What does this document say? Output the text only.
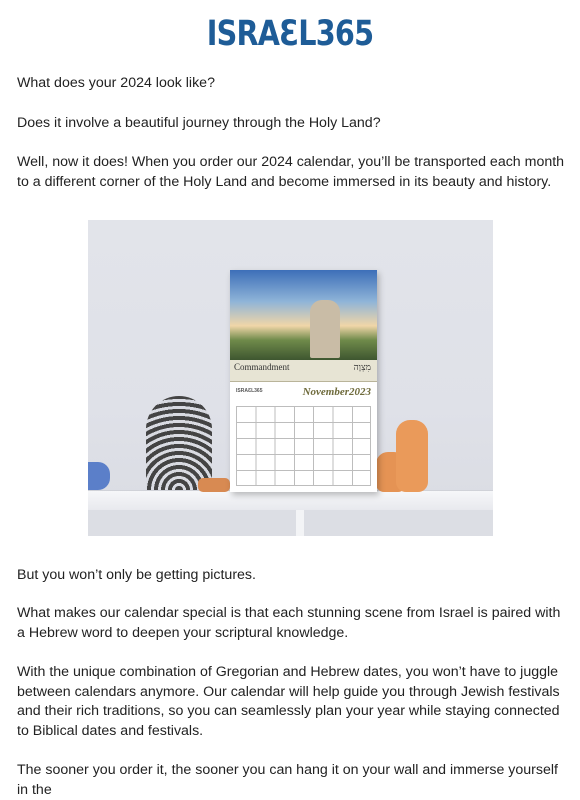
ISRAƐL365
What does your 2024 look like?
Does it involve a beautiful journey through the Holy Land?
Well, now it does! When you order our 2024 calendar, you’ll be transported each month to a different corner of the Holy Land and become immersed in its beauty and history.
Commandment	מִצְוָה
ISRAƐL365	November2023
But you won’t only be getting pictures.
What makes our calendar special is that each stunning scene from Israel is paired with a Hebrew word to deepen your scriptural knowledge.
With the unique combination of Gregorian and Hebrew dates, you won’t have to juggle between calendars anymore. Our calendar will help guide you through Jewish festivals and their rich traditions, so you can seamlessly plan your year while staying connected to Biblical dates and festivals.
The sooner you order it, the sooner you can hang it on your wall and immerse yourself in the
